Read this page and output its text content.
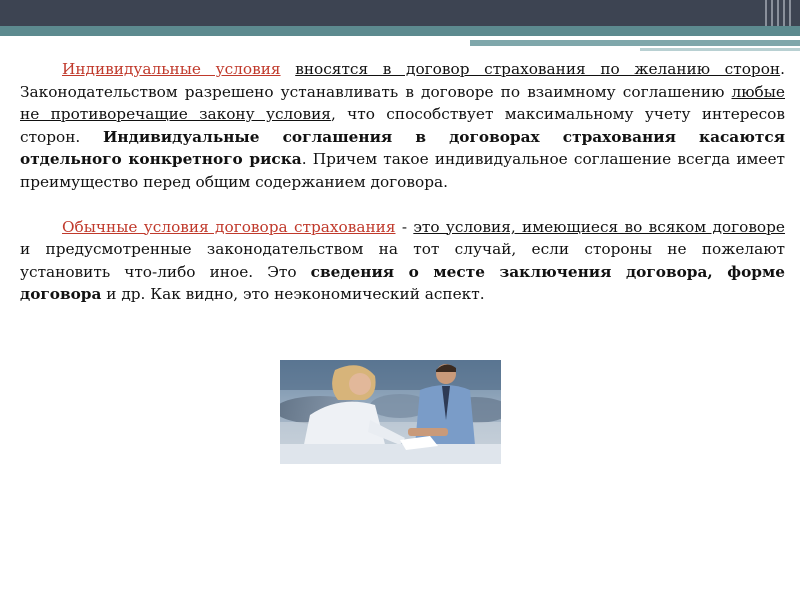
Индивидуальные условия вносятся в договор страхования по желанию сторон. Законодательством разрешено устанавливать в договоре по взаимному соглашению любые не противоречащие закону условия, что способствует максимальному учету интересов сторон. Индивидуальные соглашения в договорах страхования касаются отдельного конкретного риска. Причем такое индивидуальное соглашение всегда имеет преимущество перед общим содержанием договора.

Обычные условия договора страхования - это условия, имеющиеся во всяком договоре и предусмотренные законодательством на тот случай, если стороны не пожелают установить что-либо иное. Это сведения о месте заключения договора, форме договора и др. Как видно, это неэкономический аспект.
